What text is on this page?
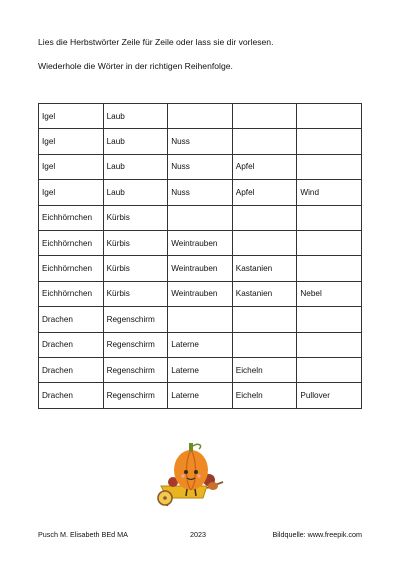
Lies die Herbstwörter Zeile für Zeile oder lass sie dir vorlesen.
Wiederhole die Wörter in der richtigen Reihenfolge.
Igel	Laub			
Igel	Laub	Nuss		
Igel	Laub	Nuss	Apfel	
Igel	Laub	Nuss	Apfel	Wind
Eichhörnchen	Kürbis			
Eichhörnchen	Kürbis	Weintrauben		
Eichhörnchen	Kürbis	Weintrauben	Kastanien	
Eichhörnchen	Kürbis	Weintrauben	Kastanien	Nebel
Drachen	Regenschirm			
Drachen	Regenschirm	Laterne		
Drachen	Regenschirm	Laterne	Eicheln	
Drachen	Regenschirm	Laterne	Eicheln	Pullover
Pusch M. Elisabeth BEd MA	2023	Bildquelle: www.freepik.com
